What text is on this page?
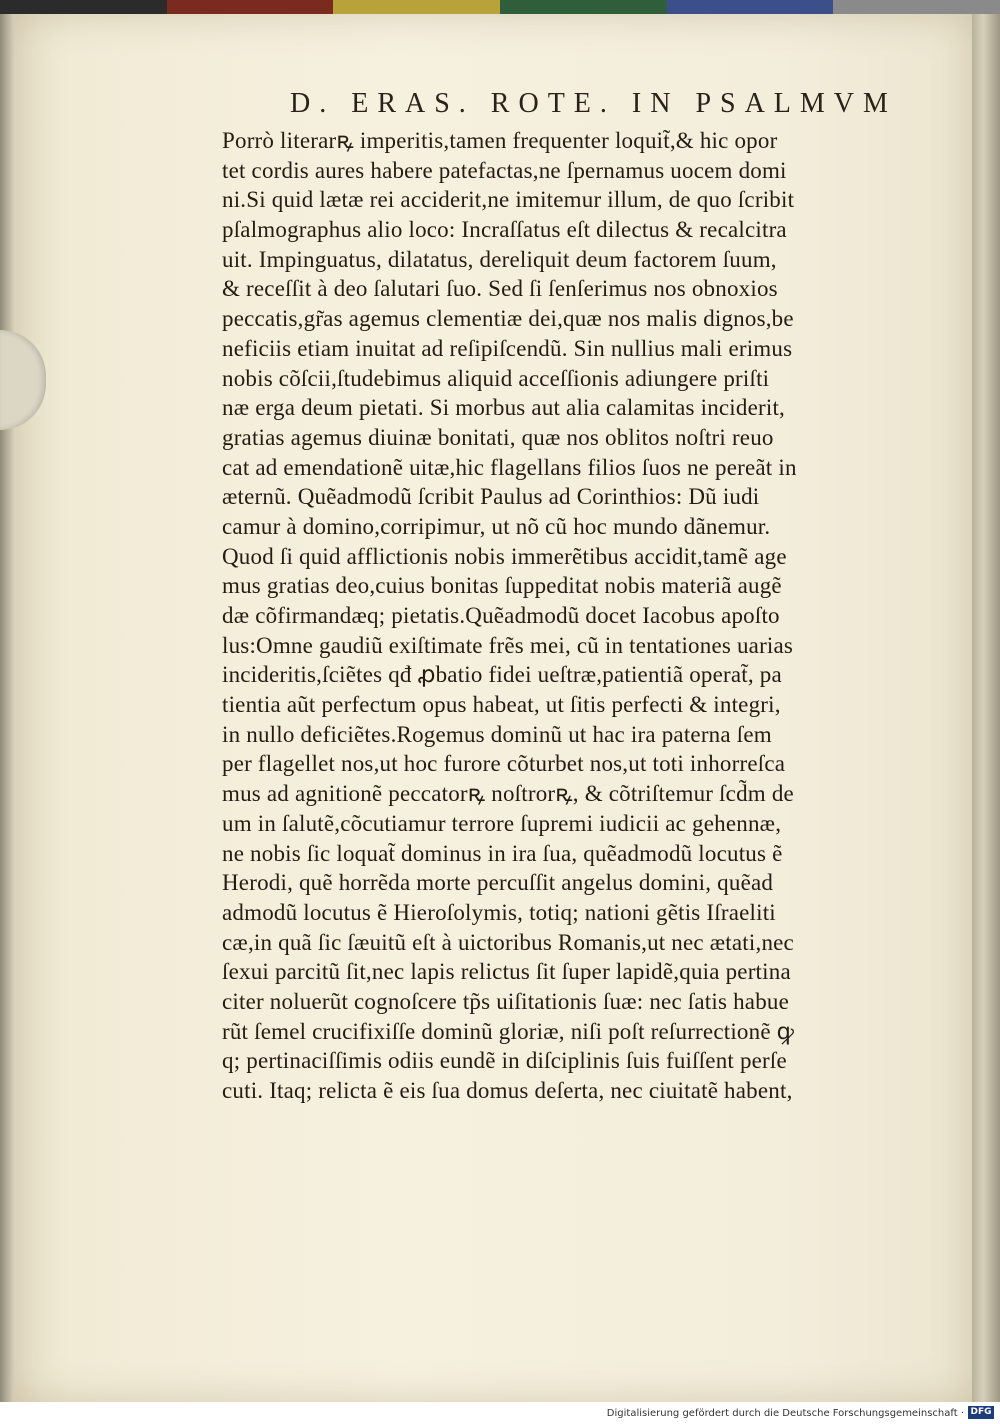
D. ERAS. ROTE. IN PSALMVM
Porrò literarꝶ imperitis,tamen frequenter loquit̃,& hic opor
tet cordis aures habere patefactas,ne ſpernamus uocem domi
ni.Si quid lætæ rei acciderit,ne imitemur illum, de quo ſcribit
pſalmographus alio loco: Incraſſatus eſt dilectus & recalcitra
uit. Impinguatus, dilatatus, dereliquit deum factorem ſuum,
& receſſit à deo ſalutari ſuo. Sed ſi ſenſerimus nos obnoxios
peccatis,gr̃as agemus clementiæ dei,quæ nos malis dignos,be
neficiis etiam inuitat ad reſipiſcendũ. Sin nullius mali erimus
nobis cõſcii,ſtudebimus aliquid acceſſionis adiungere priſti
næ erga deum pietati. Si morbus aut alia calamitas inciderit,
gratias agemus diuinæ bonitati, quæ nos oblitos noſtri reuo
cat ad emendationẽ uitæ,hic flagellans filios ſuos ne pereãt in
æternũ. Quẽadmodũ ſcribit Paulus ad Corinthios: Dũ iudi
camur à domino,corripimur, ut nõ cũ hoc mundo dãnemur.
Quod ſi quid afflictionis nobis immerẽtibus accidit,tamẽ age
mus gratias deo,cuius bonitas ſuppeditat nobis materiã augẽ
dæ cõfirmandæq; pietatis.Quẽadmodũ docet Iacobus apoſto
lus:Omne gaudiũ exiſtimate frẽs mei, cũ in tentationes uarias
incideritis,ſciẽtes qđ ꝓbatio fidei ueſtræ,patientiã operat̃, pa
tientia aũt perfectum opus habeat, ut ſitis perfecti & integri,
in nullo deficiẽtes.Rogemus dominũ ut hac ira paterna ſem
per flagellet nos,ut hoc furore cõturbet nos,ut toti inhorreſca
mus ad agnitionẽ peccatorꝶ noſtrorꝶ, & cõtriſtemur ſcd̃m de
um in ſalutẽ,cõcutiamur terrore ſupremi iudicii ac gehennæ,
ne nobis ſic loquat̃ dominus in ira ſua, quẽadmodũ locutus ẽ
Herodi, quẽ horrẽda morte percuſſit angelus domini, quẽad
admodũ locutus ẽ Hieroſolymis, totiq; nationi gẽtis Iſraeliti
cæ,in quã ſic ſæuitũ eſt à uictoribus Romanis,ut nec ætati,nec
ſexui parcitũ ſit,nec lapis relictus ſit ſuper lapidẽ,quia pertina
citer noluerũt cognoſcere tp̃s uiſitationis ſuæ: nec ſatis habue
rũt ſemel crucifixiſſe dominũ gloriæ, niſi poſt reſurrectionẽ ꝙ
q; pertinaciſſimis odiis eundẽ in diſciplinis ſuis fuiſſent perſe
cuti. Itaq; relicta ẽ eis ſua domus deſerta, nec ciuitatẽ habent,
Digitalisierung gefördert durch die Deutsche Forschungsgemeinschaft · DFG
